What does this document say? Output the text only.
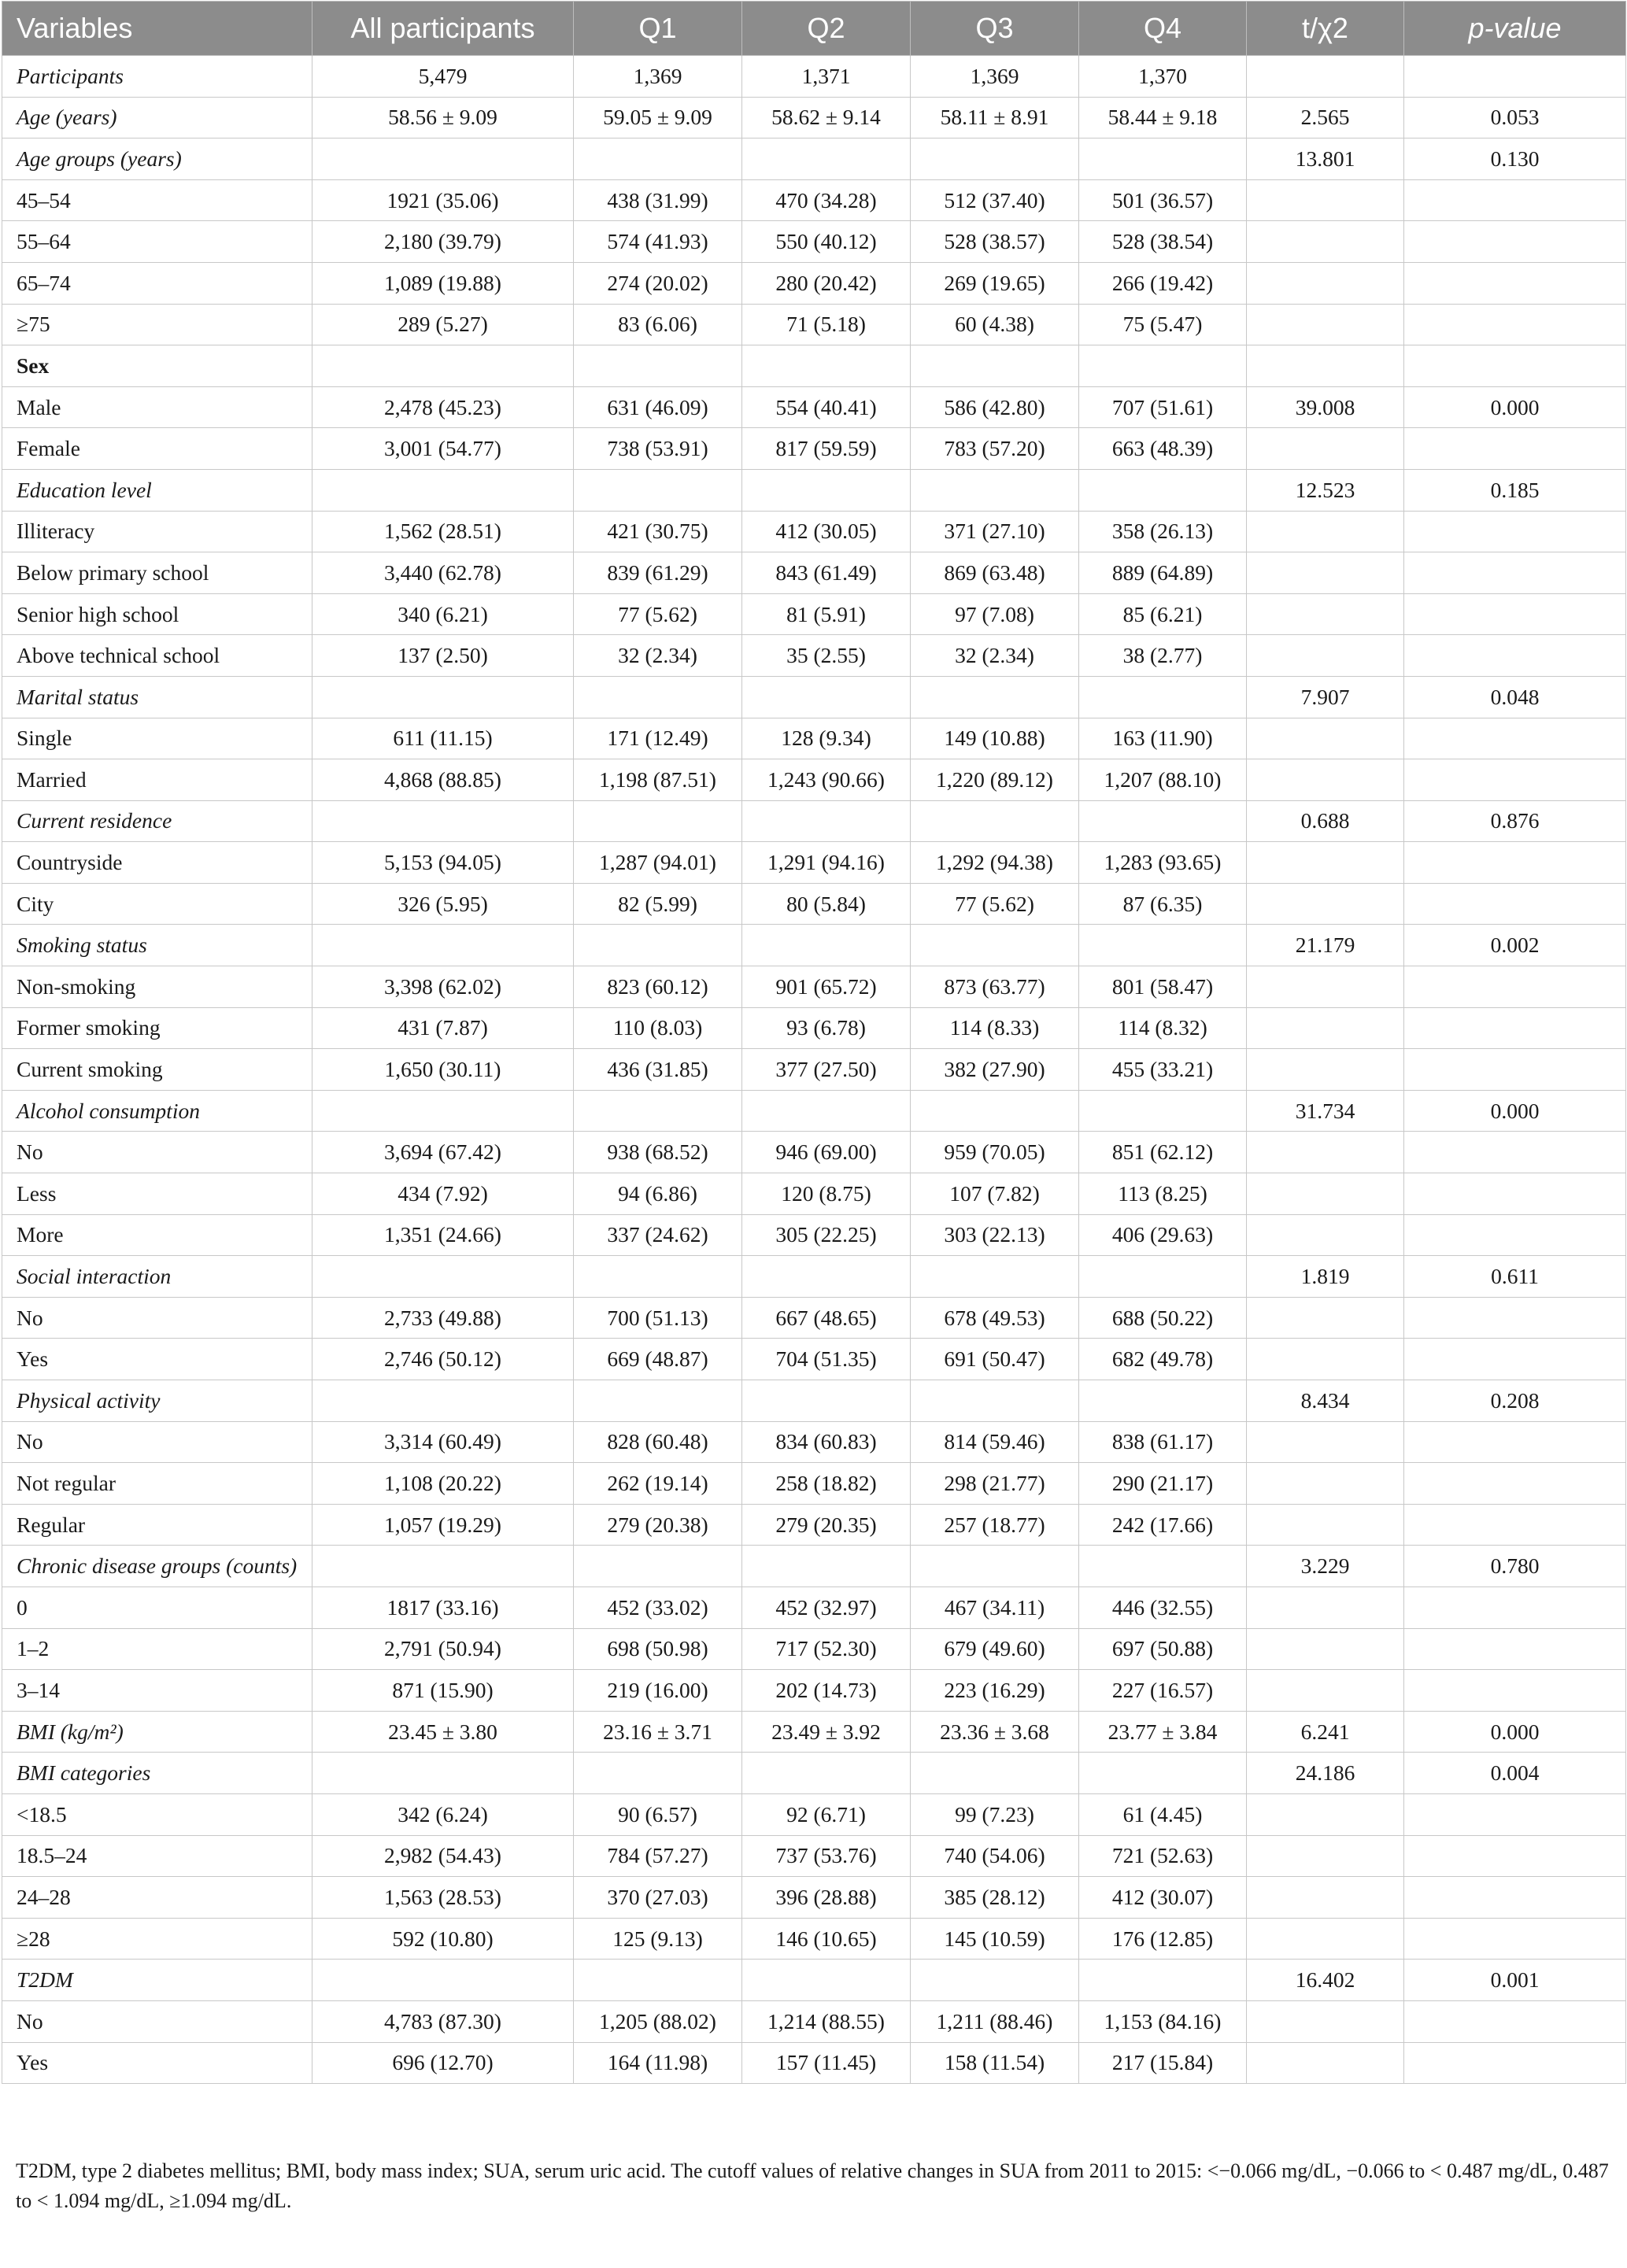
Variables	All participants	Q1	Q2	Q3	Q4	t/χ2	p-value
Participants	5,479	1,369	1,371	1,369	1,370		
Age (years)	58.56 ± 9.09	59.05 ± 9.09	58.62 ± 9.14	58.11 ± 8.91	58.44 ± 9.18	2.565	0.053
Age groups (years)						13.801	0.130
45–54	1921 (35.06)	438 (31.99)	470 (34.28)	512 (37.40)	501 (36.57)		
55–64	2,180 (39.79)	574 (41.93)	550 (40.12)	528 (38.57)	528 (38.54)		
65–74	1,089 (19.88)	274 (20.02)	280 (20.42)	269 (19.65)	266 (19.42)		
≥75	289 (5.27)	83 (6.06)	71 (5.18)	60 (4.38)	75 (5.47)		
Sex							
Male	2,478 (45.23)	631 (46.09)	554 (40.41)	586 (42.80)	707 (51.61)	39.008	0.000
Female	3,001 (54.77)	738 (53.91)	817 (59.59)	783 (57.20)	663 (48.39)		
Education level						12.523	0.185
Illiteracy	1,562 (28.51)	421 (30.75)	412 (30.05)	371 (27.10)	358 (26.13)		
Below primary school	3,440 (62.78)	839 (61.29)	843 (61.49)	869 (63.48)	889 (64.89)		
Senior high school	340 (6.21)	77 (5.62)	81 (5.91)	97 (7.08)	85 (6.21)		
Above technical school	137 (2.50)	32 (2.34)	35 (2.55)	32 (2.34)	38 (2.77)		
Marital status						7.907	0.048
Single	611 (11.15)	171 (12.49)	128 (9.34)	149 (10.88)	163 (11.90)		
Married	4,868 (88.85)	1,198 (87.51)	1,243 (90.66)	1,220 (89.12)	1,207 (88.10)		
Current residence						0.688	0.876
Countryside	5,153 (94.05)	1,287 (94.01)	1,291 (94.16)	1,292 (94.38)	1,283 (93.65)		
City	326 (5.95)	82 (5.99)	80 (5.84)	77 (5.62)	87 (6.35)		
Smoking status						21.179	0.002
Non-smoking	3,398 (62.02)	823 (60.12)	901 (65.72)	873 (63.77)	801 (58.47)		
Former smoking	431 (7.87)	110 (8.03)	93 (6.78)	114 (8.33)	114 (8.32)		
Current smoking	1,650 (30.11)	436 (31.85)	377 (27.50)	382 (27.90)	455 (33.21)		
Alcohol consumption						31.734	0.000
No	3,694 (67.42)	938 (68.52)	946 (69.00)	959 (70.05)	851 (62.12)		
Less	434 (7.92)	94 (6.86)	120 (8.75)	107 (7.82)	113 (8.25)		
More	1,351 (24.66)	337 (24.62)	305 (22.25)	303 (22.13)	406 (29.63)		
Social interaction						1.819	0.611
No	2,733 (49.88)	700 (51.13)	667 (48.65)	678 (49.53)	688 (50.22)		
Yes	2,746 (50.12)	669 (48.87)	704 (51.35)	691 (50.47)	682 (49.78)		
Physical activity						8.434	0.208
No	3,314 (60.49)	828 (60.48)	834 (60.83)	814 (59.46)	838 (61.17)		
Not regular	1,108 (20.22)	262 (19.14)	258 (18.82)	298 (21.77)	290 (21.17)		
Regular	1,057 (19.29)	279 (20.38)	279 (20.35)	257 (18.77)	242 (17.66)		
Chronic disease groups (counts)						3.229	0.780
0	1817 (33.16)	452 (33.02)	452 (32.97)	467 (34.11)	446 (32.55)		
1–2	2,791 (50.94)	698 (50.98)	717 (52.30)	679 (49.60)	697 (50.88)		
3–14	871 (15.90)	219 (16.00)	202 (14.73)	223 (16.29)	227 (16.57)		
BMI (kg/m²)	23.45 ± 3.80	23.16 ± 3.71	23.49 ± 3.92	23.36 ± 3.68	23.77 ± 3.84	6.241	0.000
BMI categories						24.186	0.004
<18.5	342 (6.24)	90 (6.57)	92 (6.71)	99 (7.23)	61 (4.45)		
18.5–24	2,982 (54.43)	784 (57.27)	737 (53.76)	740 (54.06)	721 (52.63)		
24–28	1,563 (28.53)	370 (27.03)	396 (28.88)	385 (28.12)	412 (30.07)		
≥28	592 (10.80)	125 (9.13)	146 (10.65)	145 (10.59)	176 (12.85)		
T2DM						16.402	0.001
No	4,783 (87.30)	1,205 (88.02)	1,214 (88.55)	1,211 (88.46)	1,153 (84.16)		
Yes	696 (12.70)	164 (11.98)	157 (11.45)	158 (11.54)	217 (15.84)		

T2DM, type 2 diabetes mellitus; BMI, body mass index; SUA, serum uric acid. The cutoff values of relative changes in SUA from 2011 to 2015: <−0.066 mg/dL, −0.066 to < 0.487 mg/dL, 0.487 to < 1.094 mg/dL, ≥1.094 mg/dL.
